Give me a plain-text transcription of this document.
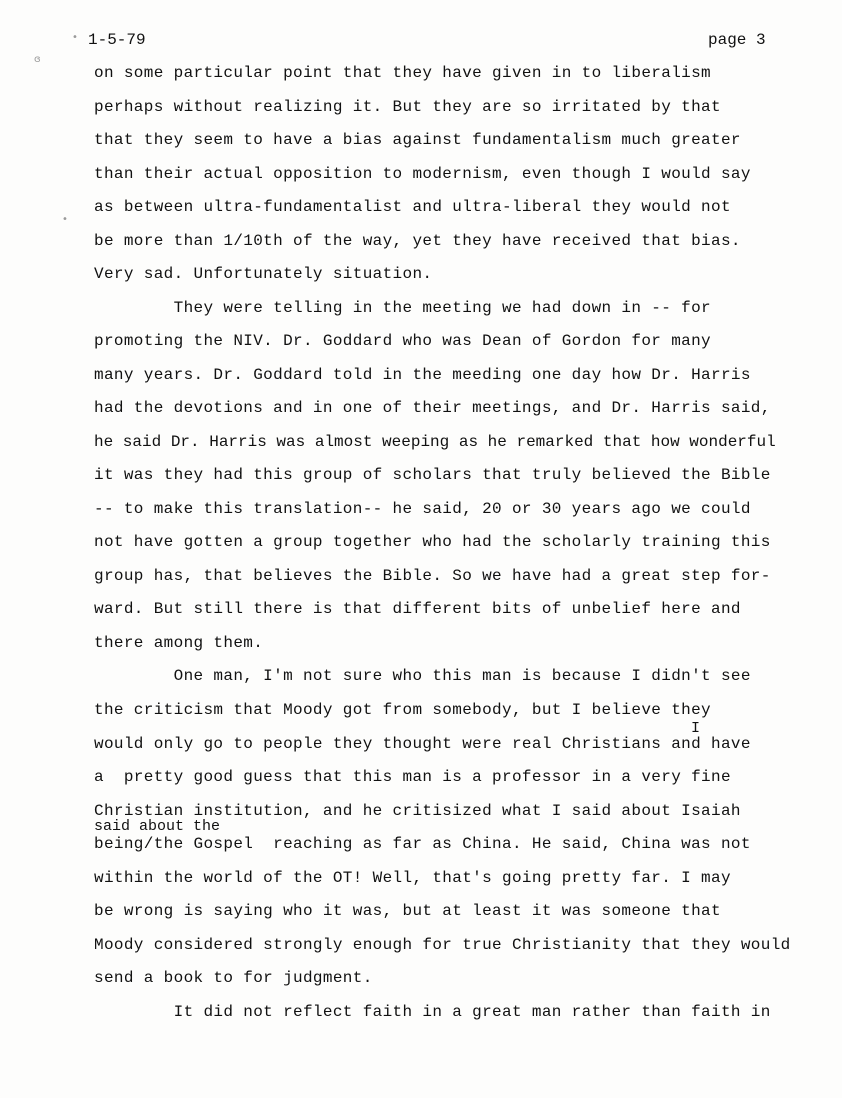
1-5-79	page 3
ɞ
•
•
on some particular point that they have given in to liberalism
perhaps without realizing it. But they are so irritated by that
that they seem to have a bias against fundamentalism much greater
than their actual opposition to modernism, even though I would say
as between ultra-fundamentalist and ultra-liberal they would not
be more than 1/10th of the way, yet they have received that bias.
Very sad. Unfortunately situation.
They were telling in the meeting we had down in -- for
promoting the NIV. Dr. Goddard who was Dean of Gordon for many
many years. Dr. Goddard told in the meeding one day how Dr. Harris
had the devotions and in one of their meetings, and Dr. Harris said,
he said Dr. Harris was almost weeping as he remarked that how wonderful
it was they had this group of scholars that truly believed the Bible
-- to make this translation-- he said, 20 or 30 years ago we could
not have gotten a group together who had the scholarly training this
group has, that believes the Bible. So we have had a great step for-
ward. But still there is that different bits of unbelief here and
there among them.
One man, I'm not sure who this man is because I didn't see
the criticism that Moody got from somebody, but I believe they
I
would only go to people they thought were real Christians and have
a  pretty good guess that this man is a professor in a very fine
Christian institution, and he critisized what I said about Isaiah
said about the
being/the Gospel  reaching as far as China. He said, China was not
within the world of the OT! Well, that's going pretty far. I may
be wrong is saying who it was, but at least it was someone that
Moody considered strongly enough for true Christianity that they would
send a book to for judgment.
It did not reflect faith in a great man rather than faith in
